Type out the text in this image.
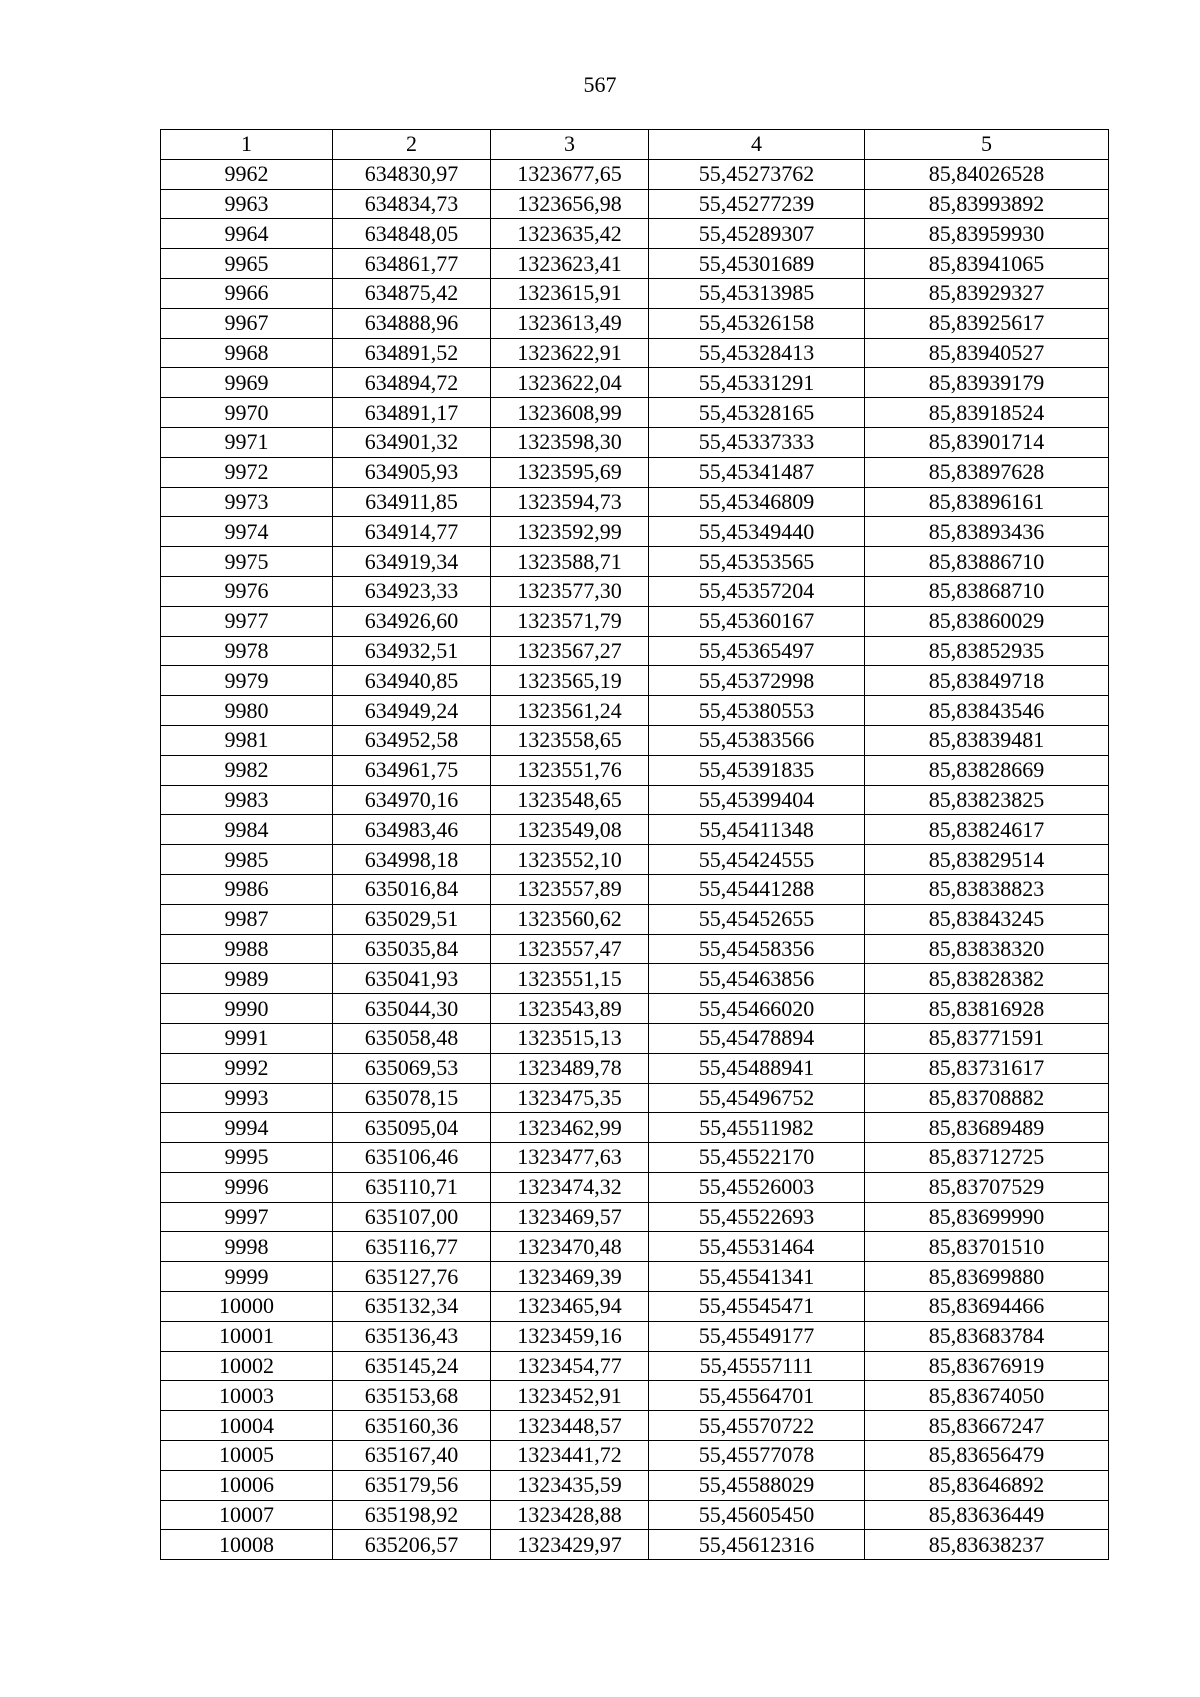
567
1	2	3	4	5
9962	634830,97	1323677,65	55,45273762	85,84026528
9963	634834,73	1323656,98	55,45277239	85,83993892
9964	634848,05	1323635,42	55,45289307	85,83959930
9965	634861,77	1323623,41	55,45301689	85,83941065
9966	634875,42	1323615,91	55,45313985	85,83929327
9967	634888,96	1323613,49	55,45326158	85,83925617
9968	634891,52	1323622,91	55,45328413	85,83940527
9969	634894,72	1323622,04	55,45331291	85,83939179
9970	634891,17	1323608,99	55,45328165	85,83918524
9971	634901,32	1323598,30	55,45337333	85,83901714
9972	634905,93	1323595,69	55,45341487	85,83897628
9973	634911,85	1323594,73	55,45346809	85,83896161
9974	634914,77	1323592,99	55,45349440	85,83893436
9975	634919,34	1323588,71	55,45353565	85,83886710
9976	634923,33	1323577,30	55,45357204	85,83868710
9977	634926,60	1323571,79	55,45360167	85,83860029
9978	634932,51	1323567,27	55,45365497	85,83852935
9979	634940,85	1323565,19	55,45372998	85,83849718
9980	634949,24	1323561,24	55,45380553	85,83843546
9981	634952,58	1323558,65	55,45383566	85,83839481
9982	634961,75	1323551,76	55,45391835	85,83828669
9983	634970,16	1323548,65	55,45399404	85,83823825
9984	634983,46	1323549,08	55,45411348	85,83824617
9985	634998,18	1323552,10	55,45424555	85,83829514
9986	635016,84	1323557,89	55,45441288	85,83838823
9987	635029,51	1323560,62	55,45452655	85,83843245
9988	635035,84	1323557,47	55,45458356	85,83838320
9989	635041,93	1323551,15	55,45463856	85,83828382
9990	635044,30	1323543,89	55,45466020	85,83816928
9991	635058,48	1323515,13	55,45478894	85,83771591
9992	635069,53	1323489,78	55,45488941	85,83731617
9993	635078,15	1323475,35	55,45496752	85,83708882
9994	635095,04	1323462,99	55,45511982	85,83689489
9995	635106,46	1323477,63	55,45522170	85,83712725
9996	635110,71	1323474,32	55,45526003	85,83707529
9997	635107,00	1323469,57	55,45522693	85,83699990
9998	635116,77	1323470,48	55,45531464	85,83701510
9999	635127,76	1323469,39	55,45541341	85,83699880
10000	635132,34	1323465,94	55,45545471	85,83694466
10001	635136,43	1323459,16	55,45549177	85,83683784
10002	635145,24	1323454,77	55,45557111	85,83676919
10003	635153,68	1323452,91	55,45564701	85,83674050
10004	635160,36	1323448,57	55,45570722	85,83667247
10005	635167,40	1323441,72	55,45577078	85,83656479
10006	635179,56	1323435,59	55,45588029	85,83646892
10007	635198,92	1323428,88	55,45605450	85,83636449
10008	635206,57	1323429,97	55,45612316	85,83638237
